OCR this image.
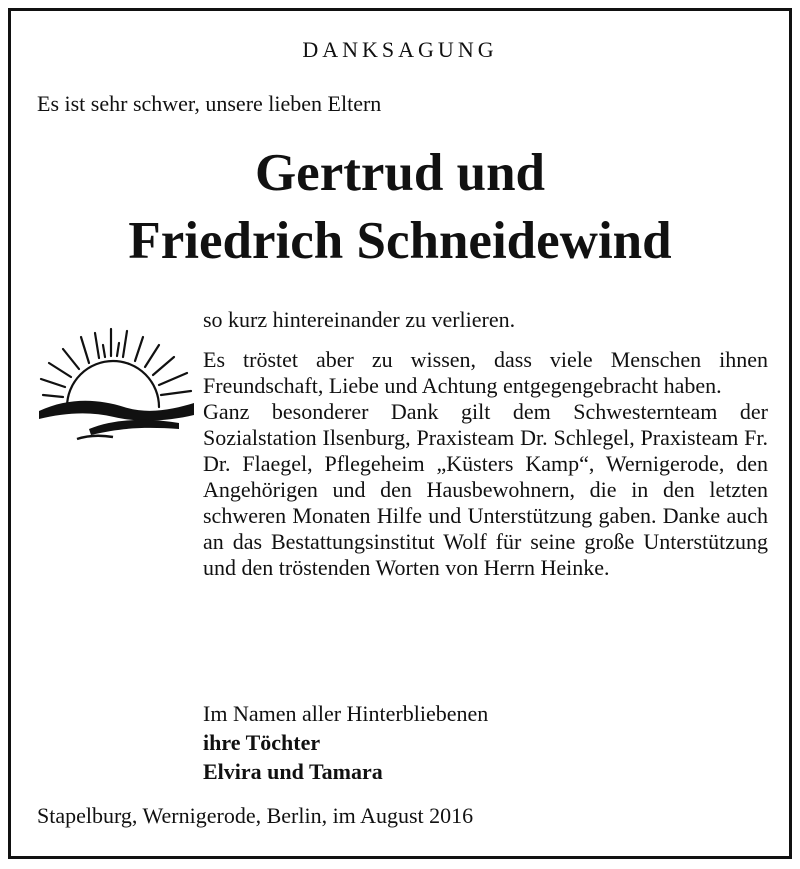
DANKSAGUNG
Es ist sehr schwer, unsere lieben Eltern
Gertrud und
Friedrich Schneidewind

so kurz hintereinander zu verlieren.

Es tröstet aber zu wissen, dass viele Menschen ihnen Freundschaft, Liebe und Achtung entgegengebracht haben.

Ganz besonderer Dank gilt dem Schwesternteam der Sozialstation Ilsenburg, Praxisteam Dr. Schlegel, Praxisteam Fr. Dr. Flaegel, Pflegeheim „Küsters Kamp“, Wernigerode, den Angehörigen und den Hausbewohnern, die in den letzten schweren Monaten Hilfe und Unterstützung gaben. Danke auch an das Bestattungsinstitut Wolf für seine große Unterstützung und den tröstenden Worten von Herrn Heinke.

Im Namen aller Hinterbliebenen
ihre Töchter
Elvira und Tamara
Stapelburg, Wernigerode, Berlin, im August 2016
